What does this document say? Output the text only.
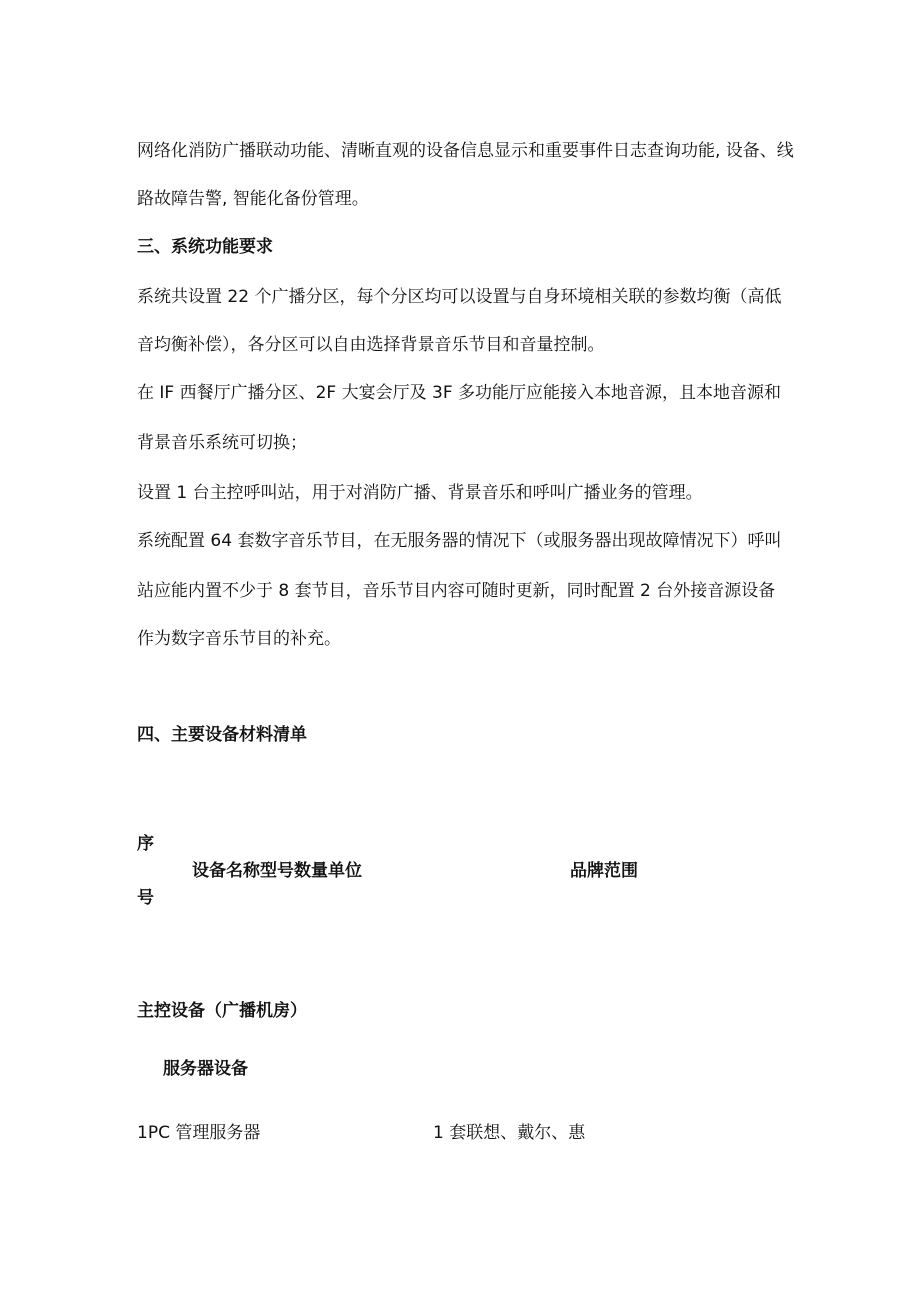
网络化消防广播联动功能、清晰直观的设备信息显示和重要事件日志查询功能, 设备、线
路故障告警, 智能化备份管理。
三、系统功能要求
系统共设置 22 个广播分区，每个分区均可以设置与自身环境相关联的参数均衡（高低
音均衡补偿），各分区可以自由选择背景音乐节目和音量控制。
在 IF 西餐厅广播分区、2F 大宴会厅及 3F 多功能厅应能接入本地音源，且本地音源和
背景音乐系统可切换；
设置 1 台主控呼叫站，用于对消防广播、背景音乐和呼叫广播业务的管理。
系统配置 64 套数字音乐节目，在无服务器的情况下（或服务器出现故障情况下）呼叫
站应能内置不少于 8 套节目，音乐节目内容可随时更新，同时配置 2 台外接音源设备
作为数字音乐节目的补充。
四、主要设备材料清单
序
号
设备名称型号数量单位	品牌范围
主控设备（广播机房）
服务器设备
1PC 管理服务器	1 套联想、戴尔、惠
